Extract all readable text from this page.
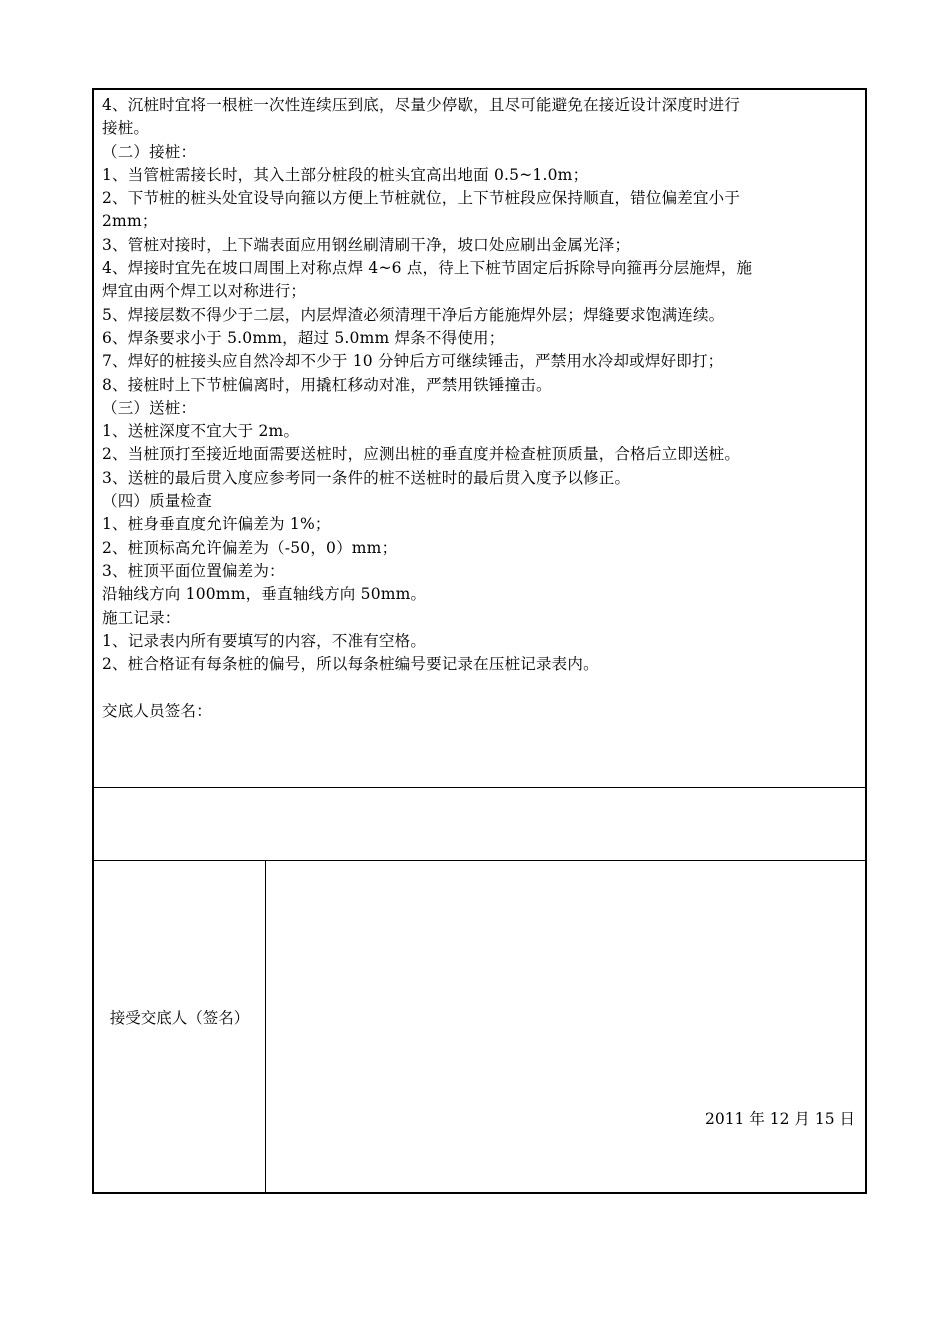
4、沉桩时宜将一根桩一次性连续压到底，尽量少停歇，且尽可能避免在接近设计深度时进行
接桩。
（二）接桩：
1、当管桩需接长时，其入土部分桩段的桩头宜高出地面 0.5~1.0m；
2、下节桩的桩头处宜设导向箍以方便上节桩就位，上下节桩段应保持顺直，错位偏差宜小于
2mm；
3、管桩对接时，上下端表面应用钢丝刷清刷干净，坡口处应刷出金属光泽；
4、焊接时宜先在坡口周围上对称点焊 4~6 点，待上下桩节固定后拆除导向箍再分层施焊，施
焊宜由两个焊工以对称进行；
5、焊接层数不得少于二层，内层焊渣必须清理干净后方能施焊外层；焊缝要求饱满连续。
6、焊条要求小于 5.0mm，超过 5.0mm 焊条不得使用；
7、焊好的桩接头应自然冷却不少于 10 分钟后方可继续锤击，严禁用水冷却或焊好即打；
8、接桩时上下节桩偏离时，用撬杠移动对准，严禁用铁锤撞击。
（三）送桩：
1、送桩深度不宜大于 2m。
2、当桩顶打至接近地面需要送桩时，应测出桩的垂直度并检查桩顶质量，合格后立即送桩。
3、送桩的最后贯入度应参考同一条件的桩不送桩时的最后贯入度予以修正。
（四）质量检查
1、桩身垂直度允许偏差为 1%；
2、桩顶标高允许偏差为（-50，0）mm；
3、桩顶平面位置偏差为：
沿轴线方向 100mm，垂直轴线方向 50mm。
施工记录：
1、记录表内所有要填写的内容，不准有空格。
2、桩合格证有每条桩的偏号，所以每条桩编号要记录在压桩记录表内。
交底人员签名：
接受交底人（签名）
2011 年 12 月 15 日
